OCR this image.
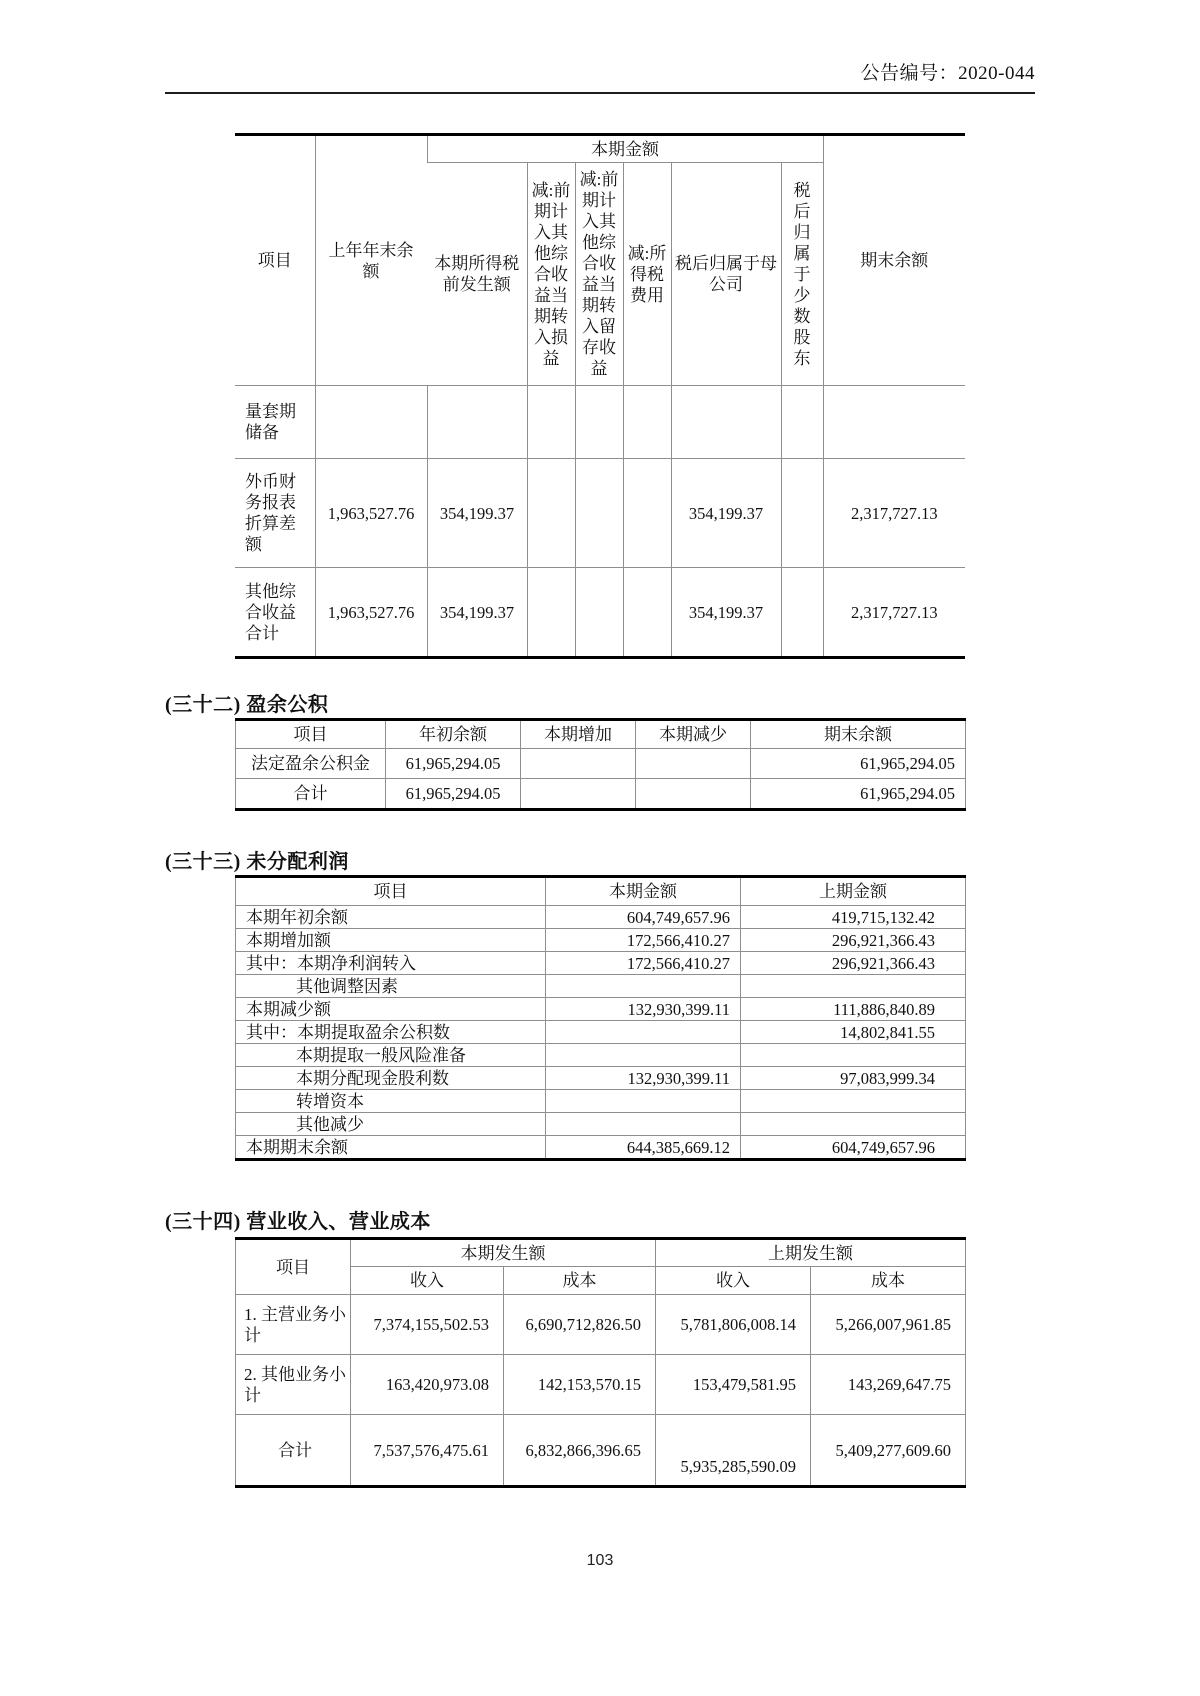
公告编号：2020-044
项目	上年年末余额	本期金额						期末余额
		本期所得税前发生额	减:前期计入其他综合收益当期转入损益	减:前期计入其他综合收益当期转入留存收益	减:所得税费用	税后归属于母公司	税后归属于少数股东	
量套期储备								
外币财务报表折算差额	1,963,527.76	354,199.37				354,199.37		2,317,727.13
其他综合收益合计	1,963,527.76	354,199.37				354,199.37		2,317,727.13
(三十二) 盈余公积
项目	年初余额	本期增加	本期减少	期末余额
法定盈余公积金	61,965,294.05			61,965,294.05
合计	61,965,294.05			61,965,294.05
(三十三) 未分配利润
项目	本期金额	上期金额
本期年初余额	604,749,657.96	419,715,132.42
本期增加额	172,566,410.27	296,921,366.43
其中：本期净利润转入	172,566,410.27	296,921,366.43
其他调整因素		
本期减少额	132,930,399.11	111,886,840.89
其中：本期提取盈余公积数		14,802,841.55
本期提取一般风险准备		
本期分配现金股利数	132,930,399.11	97,083,999.34
转增资本		
其他减少		
本期期末余额	644,385,669.12	604,749,657.96
(三十四) 营业收入、营业成本
项目	本期发生额		上期发生额	
	收入	成本	收入	成本
1. 主营业务小计	7,374,155,502.53	6,690,712,826.50	5,781,806,008.14	5,266,007,961.85
2. 其他业务小计	163,420,973.08	142,153,570.15	153,479,581.95	143,269,647.75
合计	7,537,576,475.61	6,832,866,396.65	5,935,285,590.09	5,409,277,609.60
103
